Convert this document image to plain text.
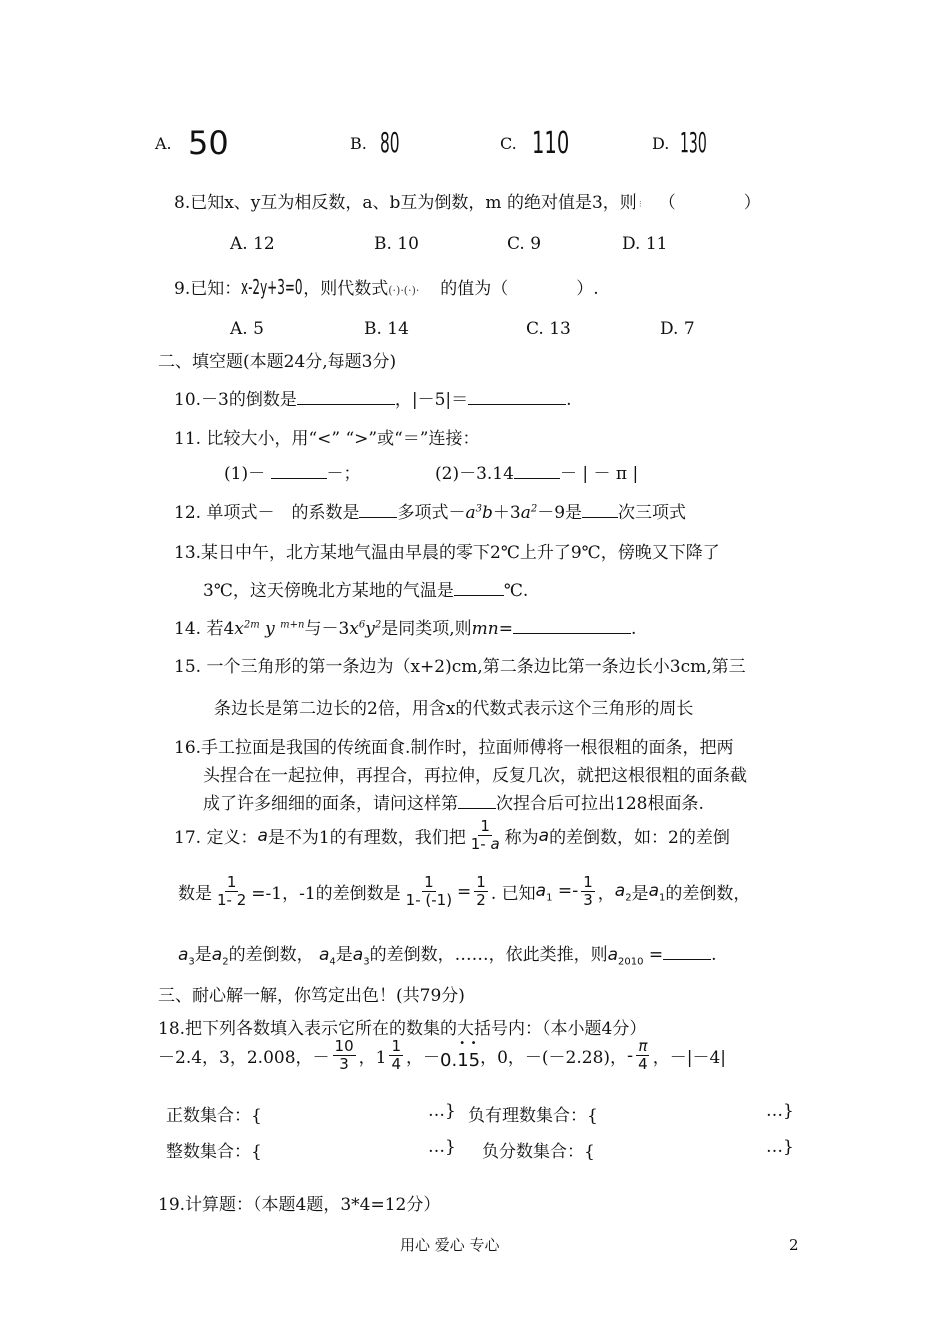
A. 50	B. 80	C. 110	D. 130
8.已知x、y互为相反数，a、b互为倒数，m 的绝对值是3，则⋮ （　　　　）
A. 12	B. 10	C. 9	D. 11
9.已知：x-2y+3=0，则代数式(·)·(·)· 的值为（　　　　）.
A. 5	B. 14	C. 13	D. 7
二、填空题(本题24分,每题3分)
10.－3的倒数是	，|－5|＝	.
11. 比较大小，用“<” “>”或“＝”连接：
(1)－	－；	(2)－3.14	－ | － π |
12. 单项式－　的系数是 多项式$-a^3b+3a^2-9$是 次三项式
13.某日中午，北方某地气温由早晨的零下2℃上升了9℃，傍晚又下降了
3℃，这天傍晚北方某地的气温是	℃.
14. 若$4x^{2m}$ y $^{m+n}$与$-3x^6y^2$是同类项,则mn=	.
15. 一个三角形的第一条边为（x+2)cm,第二条边比第一条边长小3cm,第三
条边长是第二边长的2倍，用含x的代数式表示这个三角形的周长
16.手工拉面是我国的传统面食.制作时，拉面师傅将一根很粗的面条，把两
头捏合在一起拉伸，再捏合，再拉伸，反复几次，就把这根很粗的面条截
成了许多细细的面条，请问这样第 次捏合后可拉出128根面条.
17. 定义： a 是不为1的有理数，我们把 $\frac{1}{1- a}$ 称为 a 的差倒数，如：2的差倒
数是 $\frac{1}{1- 2} =-1$，-1的差倒数是 $\frac{1}{1- (-1)} = \frac{1}{2}$ . 已知 $a_1 =- \frac{1}{3}$ ， $a_2$ 是 $a_1$ 的差倒数，
$a_3$是$a_2$的差倒数， $a_4$是$a_3$的差倒数，……，依此类推，则$a_{2010}$ =	.
三、耐心解一解，你笃定出色！(共79分)
18.把下列各数填入表示它所在的数集的大括号内：（本小题4分）
－2.4，3，2.008，－ $\frac{10}{3}$ ，$1 \frac{1}{4}$ ，－ 0.• 1• 5 ，0，－(－2.28)， - $\frac{\pi}{4}$ ，－|－4|
正数集合：{	…} 负有理数集合：{	…}
整数集合：{	…} 负分数集合：{	…}
19.计算题：（本题4题，3*4=12分）
用心 爱心 专心	2
